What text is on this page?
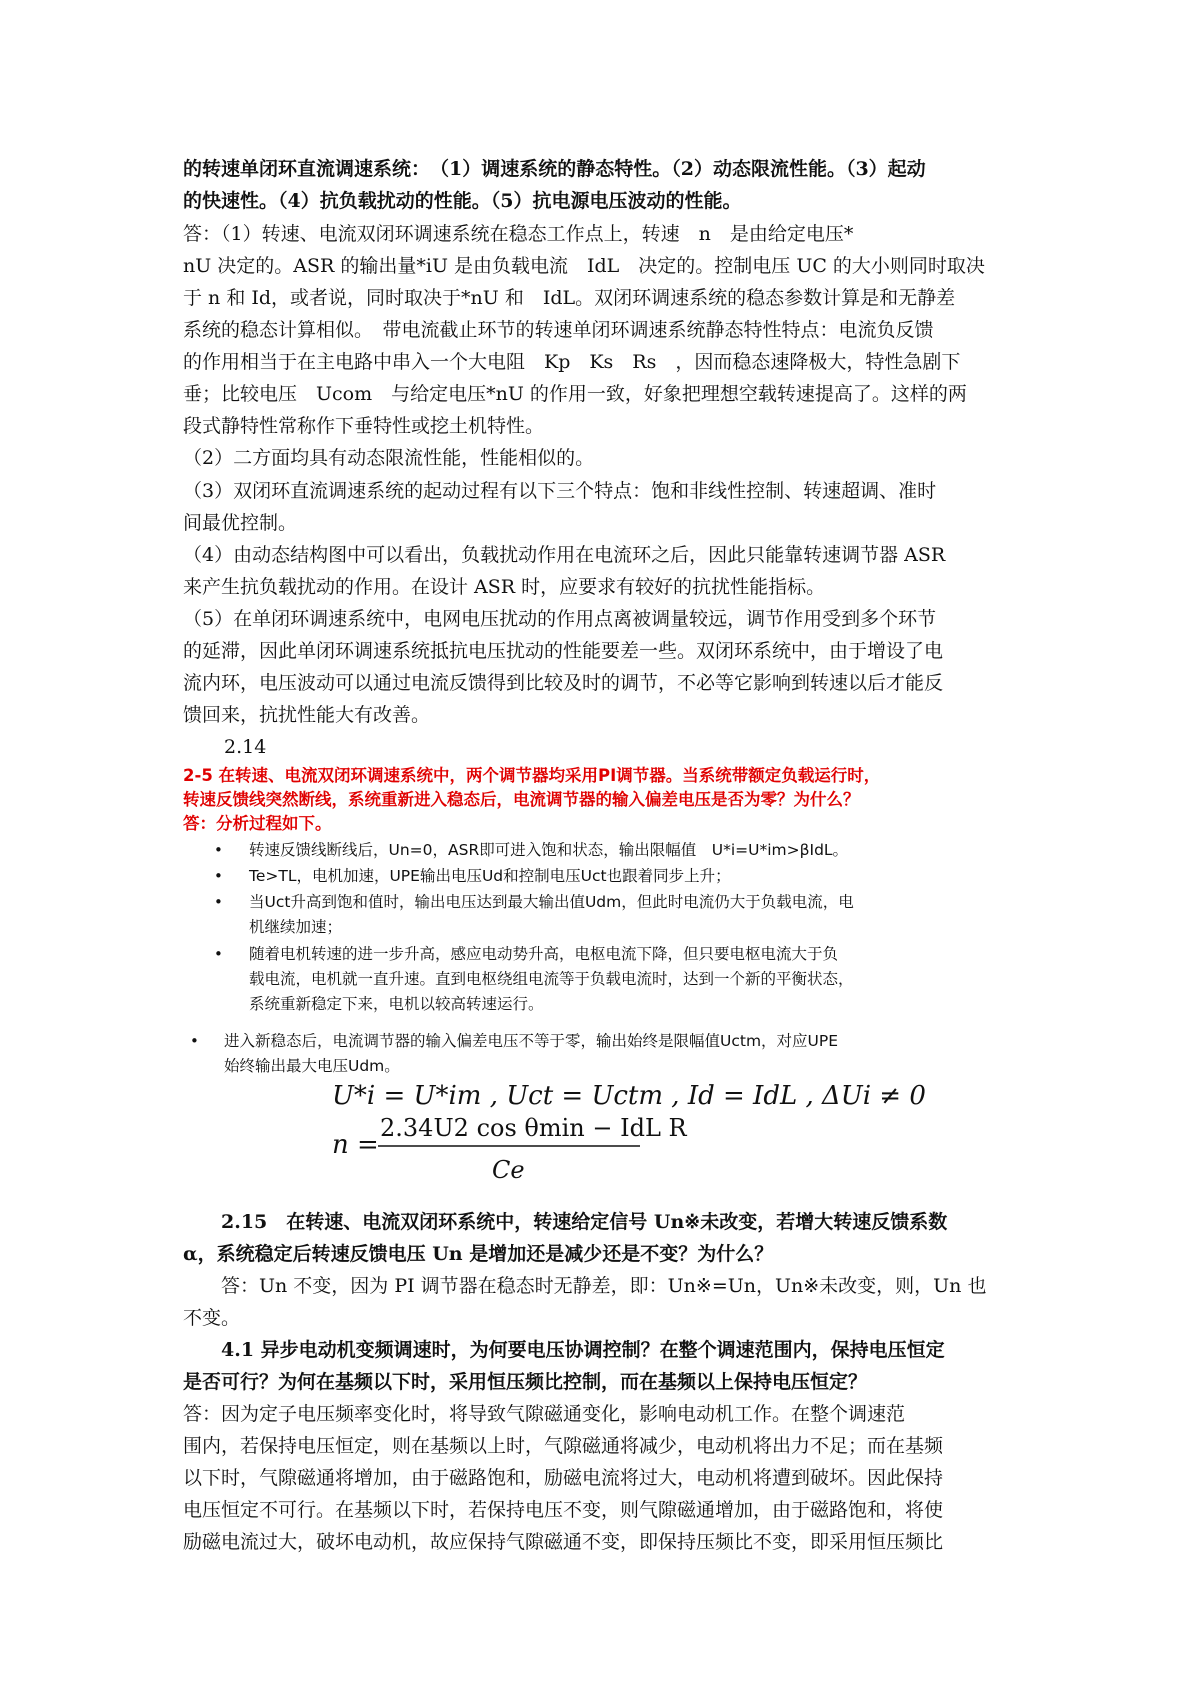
的转速单闭环直流调速系统：　（1）调速系统的静态特性。（2）动态限流性能。（3）起动
的快速性。（4）抗负载扰动的性能。（5）抗电源电压波动的性能。
答：（1）转速、电流双闭环调速系统在稳态工作点上，转速　n　是由给定电压*
nU 决定的。ASR 的输出量*iU 是由负载电流　IdL　决定的。控制电压 UC 的大小则同时取决
于 n 和 Id，或者说，同时取决于*nU 和　IdL。双闭环调速系统的稳态参数计算是和无静差
系统的稳态计算相似。　带电流截止环节的转速单闭环调速系统静态特性特点：电流负反馈
的作用相当于在主电路中串入一个大电阻　Kp　Ks　Rs　，因而稳态速降极大，特性急剧下
垂；比较电压　Ucom　与给定电压*nU 的作用一致，好象把理想空载转速提高了。这样的两
段式静特性常称作下垂特性或挖土机特性。
（2）二方面均具有动态限流性能，性能相似的。
（3）双闭环直流调速系统的起动过程有以下三个特点：饱和非线性控制、转速超调、准时
间最优控制。
（4）由动态结构图中可以看出，负载扰动作用在电流环之后，因此只能靠转速调节器 ASR
来产生抗负载扰动的作用。在设计 ASR 时，应要求有较好的抗扰性能指标。
（5）在单闭环调速系统中，电网电压扰动的作用点离被调量较远，调节作用受到多个环节
的延滞，因此单闭环调速系统抵抗电压扰动的性能要差一些。双闭环系统中，由于增设了电
流内环，电压波动可以通过电流反馈得到比较及时的调节，不必等它影响到转速以后才能反
馈回来，抗扰性能大有改善。
2.14
2-5 在转速、电流双闭环调速系统中，两个调节器均采用PI调节器。当系统带额定负载运行时，
转速反馈线突然断线，系统重新进入稳态后，电流调节器的输入偏差电压是否为零？为什么？
答：分析过程如下。
• 转速反馈线断线后，Un=0，ASR即可进入饱和状态，输出限幅值　U*i=U*im>βIdL。
• Te>TL，电机加速，UPE输出电压Ud和控制电压Uct也跟着同步上升；
• 当Uct升高到饱和值时，输出电压达到最大输出值Udm，但此时电流仍大于负载电流，电
机继续加速；
• 随着电机转速的进一步升高，感应电动势升高，电枢电流下降，但只要电枢电流大于负
载电流，电机就一直升速。直到电枢绕组电流等于负载电流时，达到一个新的平衡状态，
系统重新稳定下来，电机以较高转速运行。
• 进入新稳态后，电流调节器的输入偏差电压不等于零，输出始终是限幅值Uctm，对应UPE
始终输出最大电压Udm。
U*i = U*im , Uct = Uctm , Id = IdL , ΔUi ≠ 0
n =
2.34U2 cos θmin − IdL R
Ce
　　2.15　在转速、电流双闭环系统中，转速给定信号 Un※未改变，若增大转速反馈系数
α，系统稳定后转速反馈电压 Un 是增加还是减少还是不变？为什么？
　　答：Un 不变，因为 PI 调节器在稳态时无静差，即：Un※=Un，Un※未改变，则，Un 也
不变。
　　4.1 异步电动机变频调速时，为何要电压协调控制？在整个调速范围内，保持电压恒定
是否可行？为何在基频以下时，采用恒压频比控制，而在基频以上保持电压恒定？
答：因为定子电压频率变化时，将导致气隙磁通变化，影响电动机工作。在整个调速范
围内，若保持电压恒定，则在基频以上时，气隙磁通将减少，电动机将出力不足；而在基频
以下时，气隙磁通将增加，由于磁路饱和，励磁电流将过大，电动机将遭到破坏。因此保持
电压恒定不可行。在基频以下时，若保持电压不变，则气隙磁通增加，由于磁路饱和，将使
励磁电流过大，破坏电动机，故应保持气隙磁通不变，即保持压频比不变，即采用恒压频比
